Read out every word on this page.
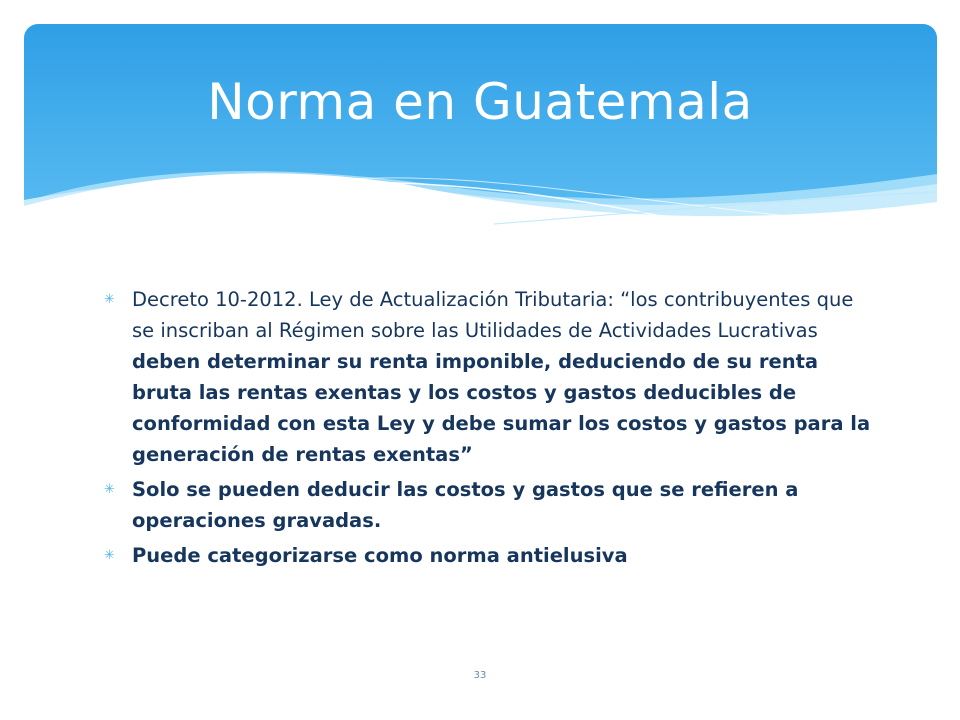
Norma en Guatemala
✳ Decreto 10-2012. Ley de Actualización Tributaria: “los contribuyentes que se inscriban al Régimen sobre las Utilidades de Actividades Lucrativas deben determinar su renta imponible, deduciendo de su renta bruta las rentas exentas y los costos y gastos deducibles de conformidad con esta Ley y debe sumar los costos y gastos para la generación de rentas exentas”
✳ Solo se pueden deducir las costos y gastos que se refieren a operaciones gravadas.
✳ Puede categorizarse como norma antielusiva
33
